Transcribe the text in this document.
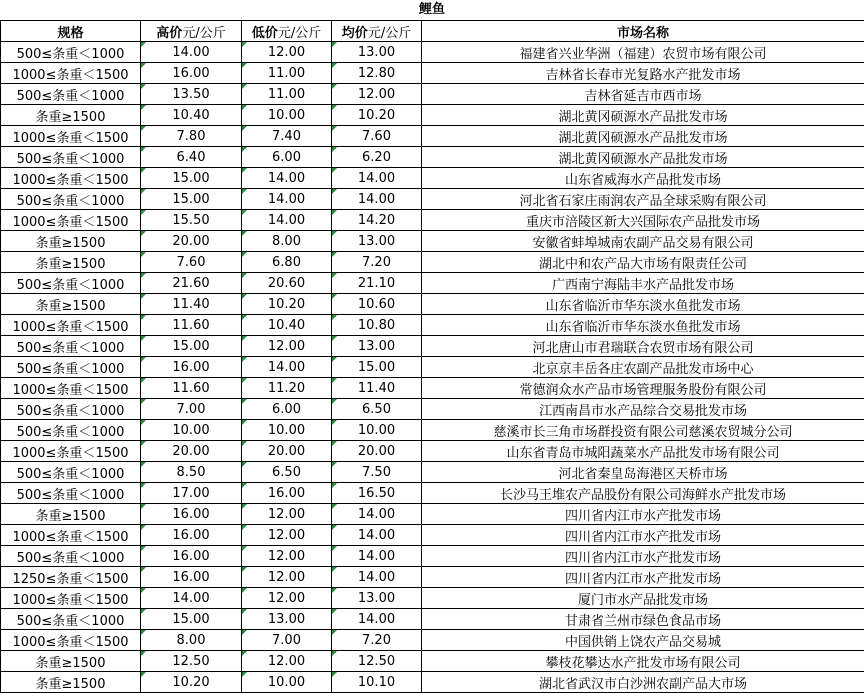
鲤鱼
规格	高价元/公斤	低价元/公斤	均价元/公斤	市场名称
500≤条重＜1000	14.00	12.00	13.00	福建省兴业华洲（福建）农贸市场有限公司
1000≤条重＜1500	16.00	11.00	12.80	吉林省长春市光复路水产批发市场
500≤条重＜1000	13.50	11.00	12.00	吉林省延吉市西市场
条重≥1500	10.40	10.00	10.20	湖北黄冈硕源水产品批发市场
1000≤条重＜1500	7.80	7.40	7.60	湖北黄冈硕源水产品批发市场
500≤条重＜1000	6.40	6.00	6.20	湖北黄冈硕源水产品批发市场
1000≤条重＜1500	15.00	14.00	14.00	山东省威海水产品批发市场
500≤条重＜1000	15.00	14.00	14.00	河北省石家庄雨润农产品全球采购有限公司
1000≤条重＜1500	15.50	14.00	14.20	重庆市涪陵区新大兴国际农产品批发市场
条重≥1500	20.00	8.00	13.00	安徽省蚌埠城南农副产品交易有限公司
条重≥1500	7.60	6.80	7.20	湖北中和农产品大市场有限责任公司
500≤条重＜1000	21.60	20.60	21.10	广西南宁海陆丰水产品批发市场
条重≥1500	11.40	10.20	10.60	山东省临沂市华东淡水鱼批发市场
1000≤条重＜1500	11.60	10.40	10.80	山东省临沂市华东淡水鱼批发市场
500≤条重＜1000	15.00	12.00	13.00	河北唐山市君瑞联合农贸市场有限公司
500≤条重＜1000	16.00	14.00	15.00	北京京丰岳各庄农副产品批发市场中心
1000≤条重＜1500	11.60	11.20	11.40	常德润众水产品市场管理服务股份有限公司
500≤条重＜1000	7.00	6.00	6.50	江西南昌市水产品综合交易批发市场
500≤条重＜1000	10.00	10.00	10.00	慈溪市长三角市场群投资有限公司慈溪农贸城分公司
1000≤条重＜1500	20.00	20.00	20.00	山东省青岛市城阳蔬菜水产品批发市场有限公司
500≤条重＜1000	8.50	6.50	7.50	河北省秦皇岛海港区天桥市场
500≤条重＜1000	17.00	16.00	16.50	长沙马王堆农产品股份有限公司海鲜水产批发市场
条重≥1500	16.00	12.00	14.00	四川省内江市水产批发市场
1000≤条重＜1500	16.00	12.00	14.00	四川省内江市水产批发市场
500≤条重＜1000	16.00	12.00	14.00	四川省内江市水产批发市场
1250≤条重＜1500	16.00	12.00	14.00	四川省内江市水产批发市场
1000≤条重＜1500	14.00	12.00	13.00	厦门市水产品批发市场
500≤条重＜1000	15.00	13.00	14.00	甘肃省兰州市绿色食品市场
1000≤条重＜1500	8.00	7.00	7.20	中国供销上饶农产品交易城
条重≥1500	12.50	12.00	12.50	攀枝花攀达水产批发市场有限公司
条重≥1500	10.20	10.00	10.10	湖北省武汉市白沙洲农副产品大市场
